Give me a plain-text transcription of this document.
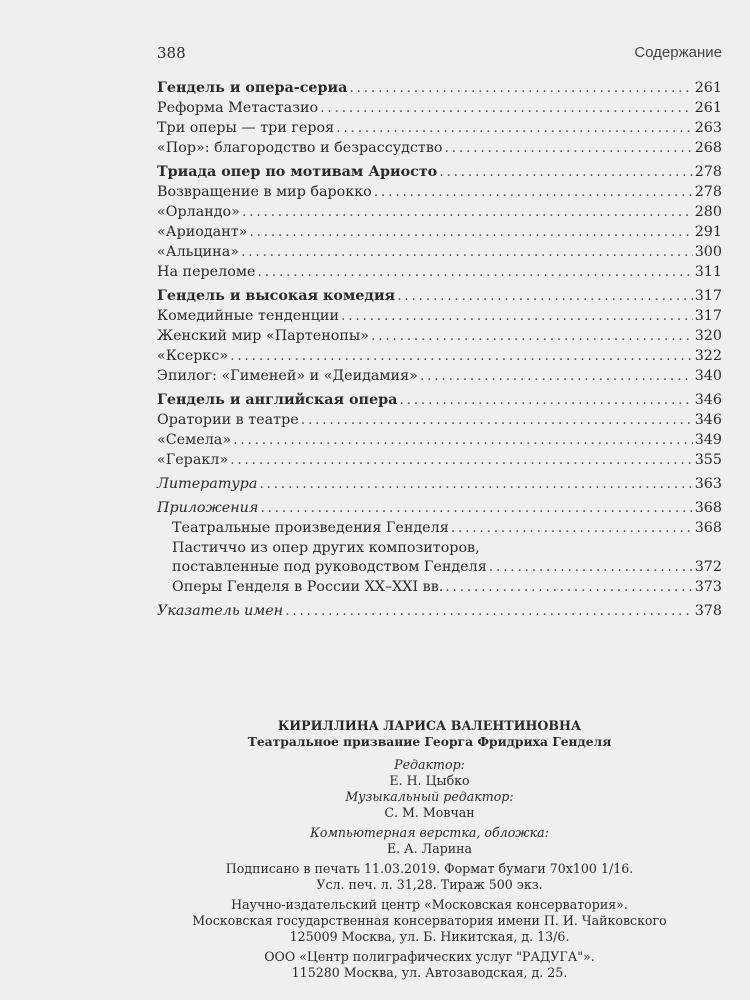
388	Содержание
Гендель и опера-сериа .....	261
Реформа Метастазио .....	261
Три оперы — три героя .....	263
«Пор»: благородство и безрассудство .....	268
Триада опер по мотивам Ариосто .....	278
Возвращение в мир барокко .....	278
«Орландо» .....	280
«Ариодант» .....	291
«Альцина» .....	300
На переломе .....	311
Гендель и высокая комедия .....	317
Комедийные тенденции .....	317
Женский мир «Партенопы» .....	320
«Ксеркс» .....	322
Эпилог: «Гименей» и «Деидамия» .....	340
Гендель и английская опера .....	346
Оратории в театре .....	346
«Семела» .....	349
«Геракл» .....	355
Литература .....	363
Приложения .....	368
Театральные произведения Генделя .....	368
Пастиччо из опер других композиторов,
поставленные под руководством Генделя .....	372
Оперы Генделя в России XX–XXI вв. .....	373
Указатель имен .....	378
КИРИЛЛИНА ЛАРИСА ВАЛЕНТИНОВНА
Театральное призвание Георга Фридриха Генделя
Редактор:
Е. Н. Цыбко
Музыкальный редактор:
С. М. Мовчан
Компьютерная верстка, обложка:
Е. А. Ларина
Подписано в печать 11.03.2019. Формат бумаги 70х100 1/16.
Усл. печ. л. 31,28. Тираж 500 экз.
Научно-издательский центр «Московская консерватория».
Московская государственная консерватория имени П. И. Чайковского
125009 Москва, ул. Б. Никитская, д. 13/6.
ООО «Центр полиграфических услуг "РАДУГА"».
115280 Москва, ул. Автозаводская, д. 25.
